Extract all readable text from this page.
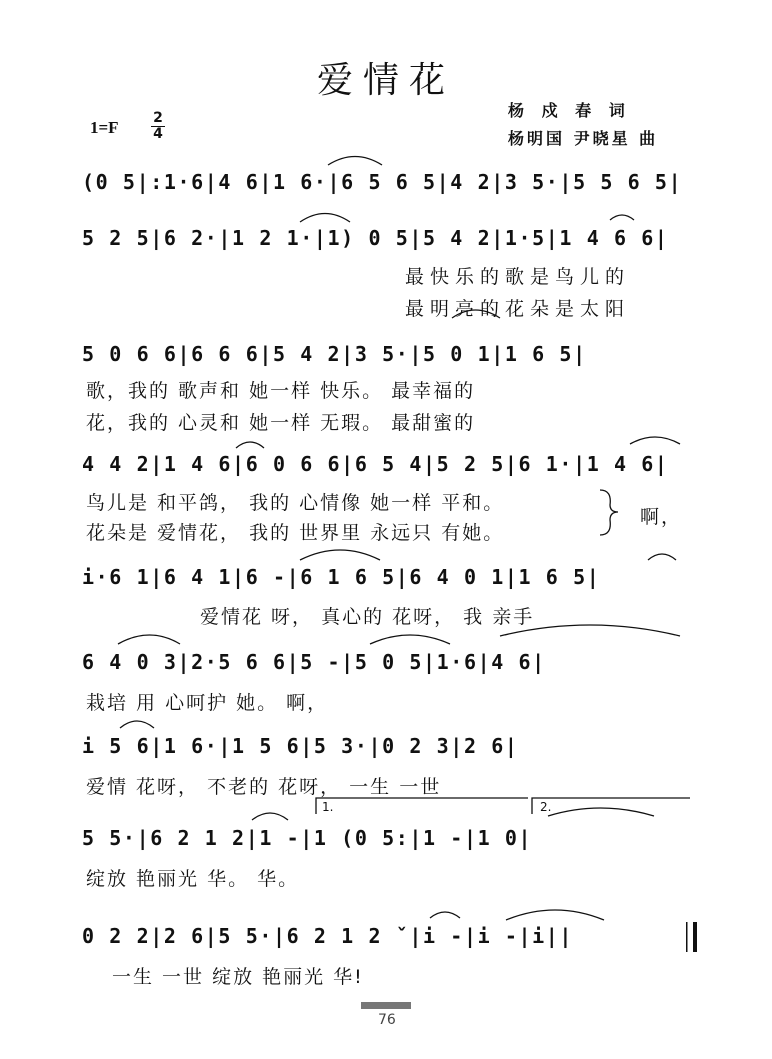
爱情花
杨 戍 春 词
杨明国 尹晓星 曲
1=F 2
4
(0 5|:1·6|4 6|1 6·|6 5 6 5|4 2|3 5·|5 5 6 5|
5 2 5|6 2·|1 2 1·|1) 0 5|5 4 2|1·5|1 4 6 6|
最快乐的歌是鸟儿的
最明亮的花朵是太阳
5 0 6 6|6 6 6|5 4 2|3 5·|5 0 1|1 6 5|
歌，我的 歌声和 她一样 快乐。 最幸福的
花，我的 心灵和 她一样 无瑕。 最甜蜜的
4 4 2|1 4 6|6 0 6 6|6 5 4|5 2 5|6 1·|1 4 6|
鸟儿是 和平鸽， 我的 心情像 她一样 平和。
花朵是 爱情花， 我的 世界里 永远只 有她。
啊，
i·6 1|6 4 1|6 -|6 1 6 5|6 4 0 1|1 6 5|
爱情花 呀， 真心的 花呀， 我 亲手
6 4 0 3|2·5 6 6|5 -|5 0 5|1·6|4 6|
栽培 用 心呵护 她。 啊，
i 5 6|1 6·|1 5 6|5 3·|0 2 3|2 6|
爱情 花呀， 不老的 花呀， 一生 一世
1.	2.
5 5·|6 2 1 2|1 -|1 (0 5:|1 -|1 0|
绽放 艳丽光 华。 华。
0 2 2|2 6|5 5·|6 2 1 2 ˇ|i -|i -|i||
一生 一世 绽放 艳丽光 华!
76
